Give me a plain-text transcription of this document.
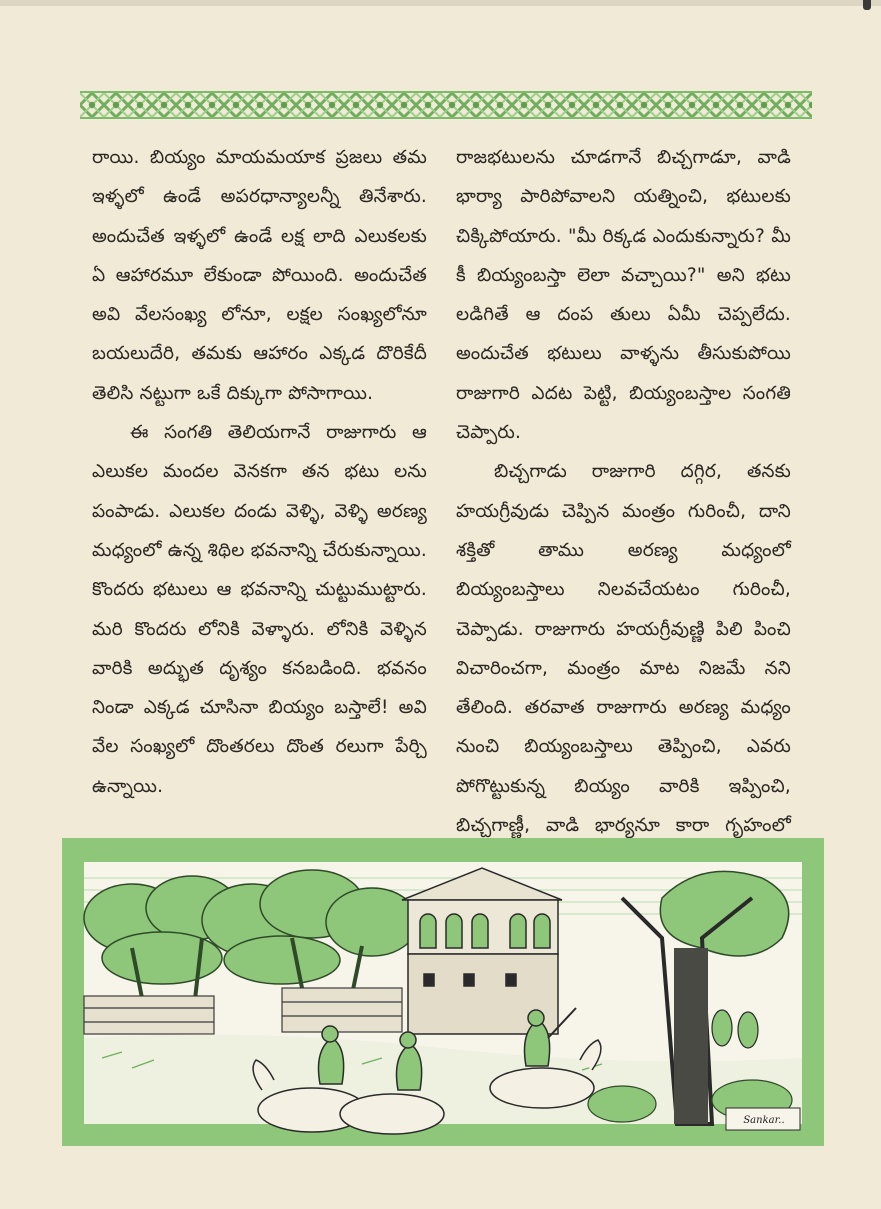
రాయి. బియ్యం మాయమయాక ప్రజలు తమ ఇళ్ళలో ఉండే అపరధాన్యాలన్నీ తినేశారు. అందుచేత ఇళ్ళలో ఉండే లక్ష లాది ఎలుకలకు ఏ ఆహారమూ లేకుండా పోయింది. అందుచేత అవి వేలసంఖ్య లోనూ, లక్షల సంఖ్యలోనూ బయలుదేరి, తమకు ఆహారం ఎక్కడ దొరికేదీ తెలిసి నట్టుగా ఒకే దిక్కుగా పోసాగాయి.

ఈ సంగతి తెలియగానే రాజుగారు ఆ ఎలుకల మందల వెనకగా తన భటు లను పంపాడు. ఎలుకల దండు వెళ్ళి, వెళ్ళి అరణ్య మధ్యంలో ఉన్న శిథిల భవనాన్ని చేరుకున్నాయి. కొందరు భటులు ఆ భవనాన్ని చుట్టుముట్టారు. మరి కొందరు లోనికి వెళ్ళారు. లోనికి వెళ్ళిన వారికి అద్భుత దృశ్యం కనబడింది. భవనం నిండా ఎక్కడ చూసినా బియ్యం బస్తాలే! అవి వేల సంఖ్యలో దొంతరలు దొంత రలుగా పేర్చి ఉన్నాయి.

రాజభటులను చూడగానే బిచ్చగాడూ, వాడి భార్యా పారిపోవాలని యత్నించి, భటులకు చిక్కిపోయారు. "మీ రిక్కడ ఎందుకున్నారు? మీ కీ బియ్యంబస్తా లెలా వచ్చాయి?" అని భటు లడిగితే ఆ దంప తులు ఏమీ చెప్పలేదు. అందుచేత భటులు వాళ్ళను తీసుకుపోయి రాజుగారి ఎదట పెట్టి, బియ్యంబస్తాల సంగతి చెప్పారు.

బిచ్చగాడు రాజుగారి దగ్గిర, తనకు హయగ్రీవుడు చెప్పిన మంత్రం గురించీ, దాని శక్తితో తాము అరణ్య మధ్యంలో బియ్యంబస్తాలు నిలవచేయటం గురించీ, చెప్పాడు. రాజుగారు హయగ్రీవుణ్ణి పిలి పించి విచారించగా, మంత్రం మాట నిజమే నని తేలింది. తరవాత రాజుగారు అరణ్య మధ్యం నుంచి బియ్యంబస్తాలు తెప్పించి, ఎవరు పోగొట్టుకున్న బియ్యం వారికి ఇప్పించి, బిచ్చగాణ్ణీ, వాడి భార్యనూ కారా గృహంలో

Sankar..
